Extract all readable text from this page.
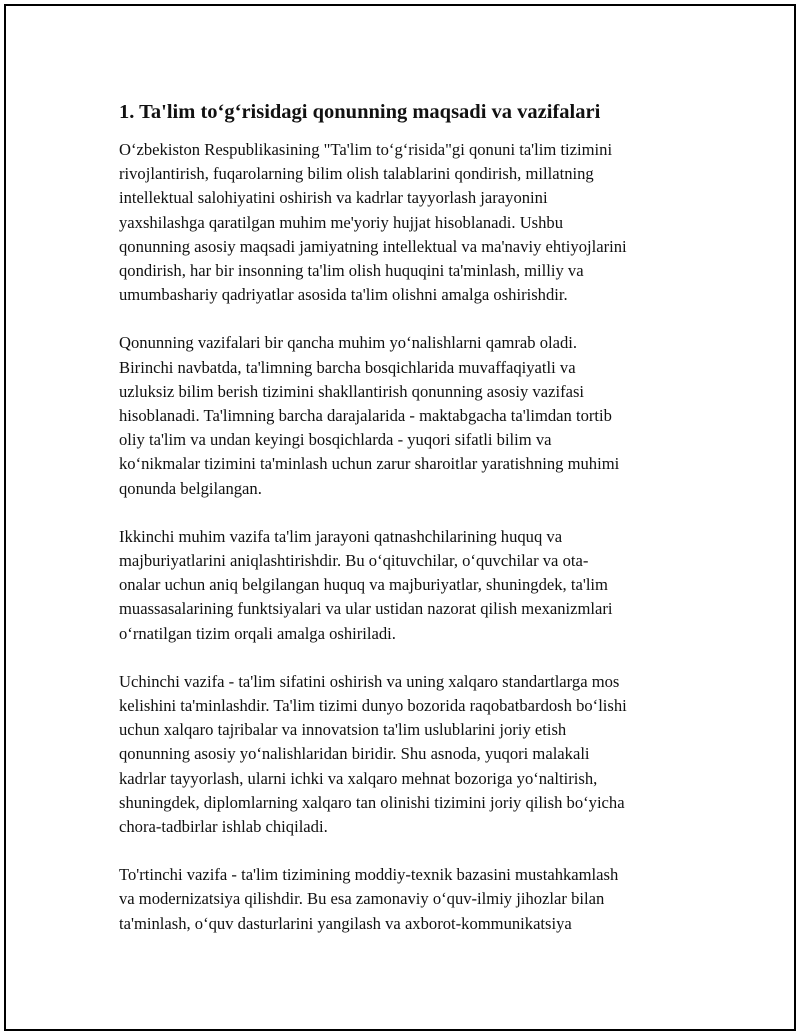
1. Ta'lim to‘g‘risidagi qonunning maqsadi va vazifalari

O‘zbekiston Respublikasining "Ta'lim to‘g‘risida"gi qonuni ta'lim tizimini
rivojlantirish, fuqarolarning bilim olish talablarini qondirish, millatning
intellektual salohiyatini oshirish va kadrlar tayyorlash jarayonini
yaxshilashga qaratilgan muhim me'yoriy hujjat hisoblanadi. Ushbu
qonunning asosiy maqsadi jamiyatning intellektual va ma'naviy ehtiyojlarini
qondirish, har bir insonning ta'lim olish huquqini ta'minlash, milliy va
umumbashariy qadriyatlar asosida ta'lim olishni amalga oshirishdir.

Qonunning vazifalari bir qancha muhim yo‘nalishlarni qamrab oladi.
Birinchi navbatda, ta'limning barcha bosqichlarida muvaffaqiyatli va
uzluksiz bilim berish tizimini shakllantirish qonunning asosiy vazifasi
hisoblanadi. Ta'limning barcha darajalarida - maktabgacha ta'limdan tortib
oliy ta'lim va undan keyingi bosqichlarda - yuqori sifatli bilim va
ko‘nikmalar tizimini ta'minlash uchun zarur sharoitlar yaratishning muhimi
qonunda belgilangan.

Ikkinchi muhim vazifa ta'lim jarayoni qatnashchilarining huquq va
majburiyatlarini aniqlashtirishdir. Bu o‘qituvchilar, o‘quvchilar va ota-
onalar uchun aniq belgilangan huquq va majburiyatlar, shuningdek, ta'lim
muassasalarining funktsiyalari va ular ustidan nazorat qilish mexanizmlari
o‘rnatilgan tizim orqali amalga oshiriladi.

Uchinchi vazifa - ta'lim sifatini oshirish va uning xalqaro standartlarga mos
kelishini ta'minlashdir. Ta'lim tizimi dunyo bozorida raqobatbardosh bo‘lishi
uchun xalqaro tajribalar va innovatsion ta'lim uslublarini joriy etish
qonunning asosiy yo‘nalishlaridan biridir. Shu asnoda, yuqori malakali
kadrlar tayyorlash, ularni ichki va xalqaro mehnat bozoriga yo‘naltirish,
shuningdek, diplomlarning xalqaro tan olinishi tizimini joriy qilish bo‘yicha
chora-tadbirlar ishlab chiqiladi.

To'rtinchi vazifa - ta'lim tizimining moddiy-texnik bazasini mustahkamlash
va modernizatsiya qilishdir. Bu esa zamonaviy o‘quv-ilmiy jihozlar bilan
ta'minlash, o‘quv dasturlarini yangilash va axborot-kommunikatsiya
